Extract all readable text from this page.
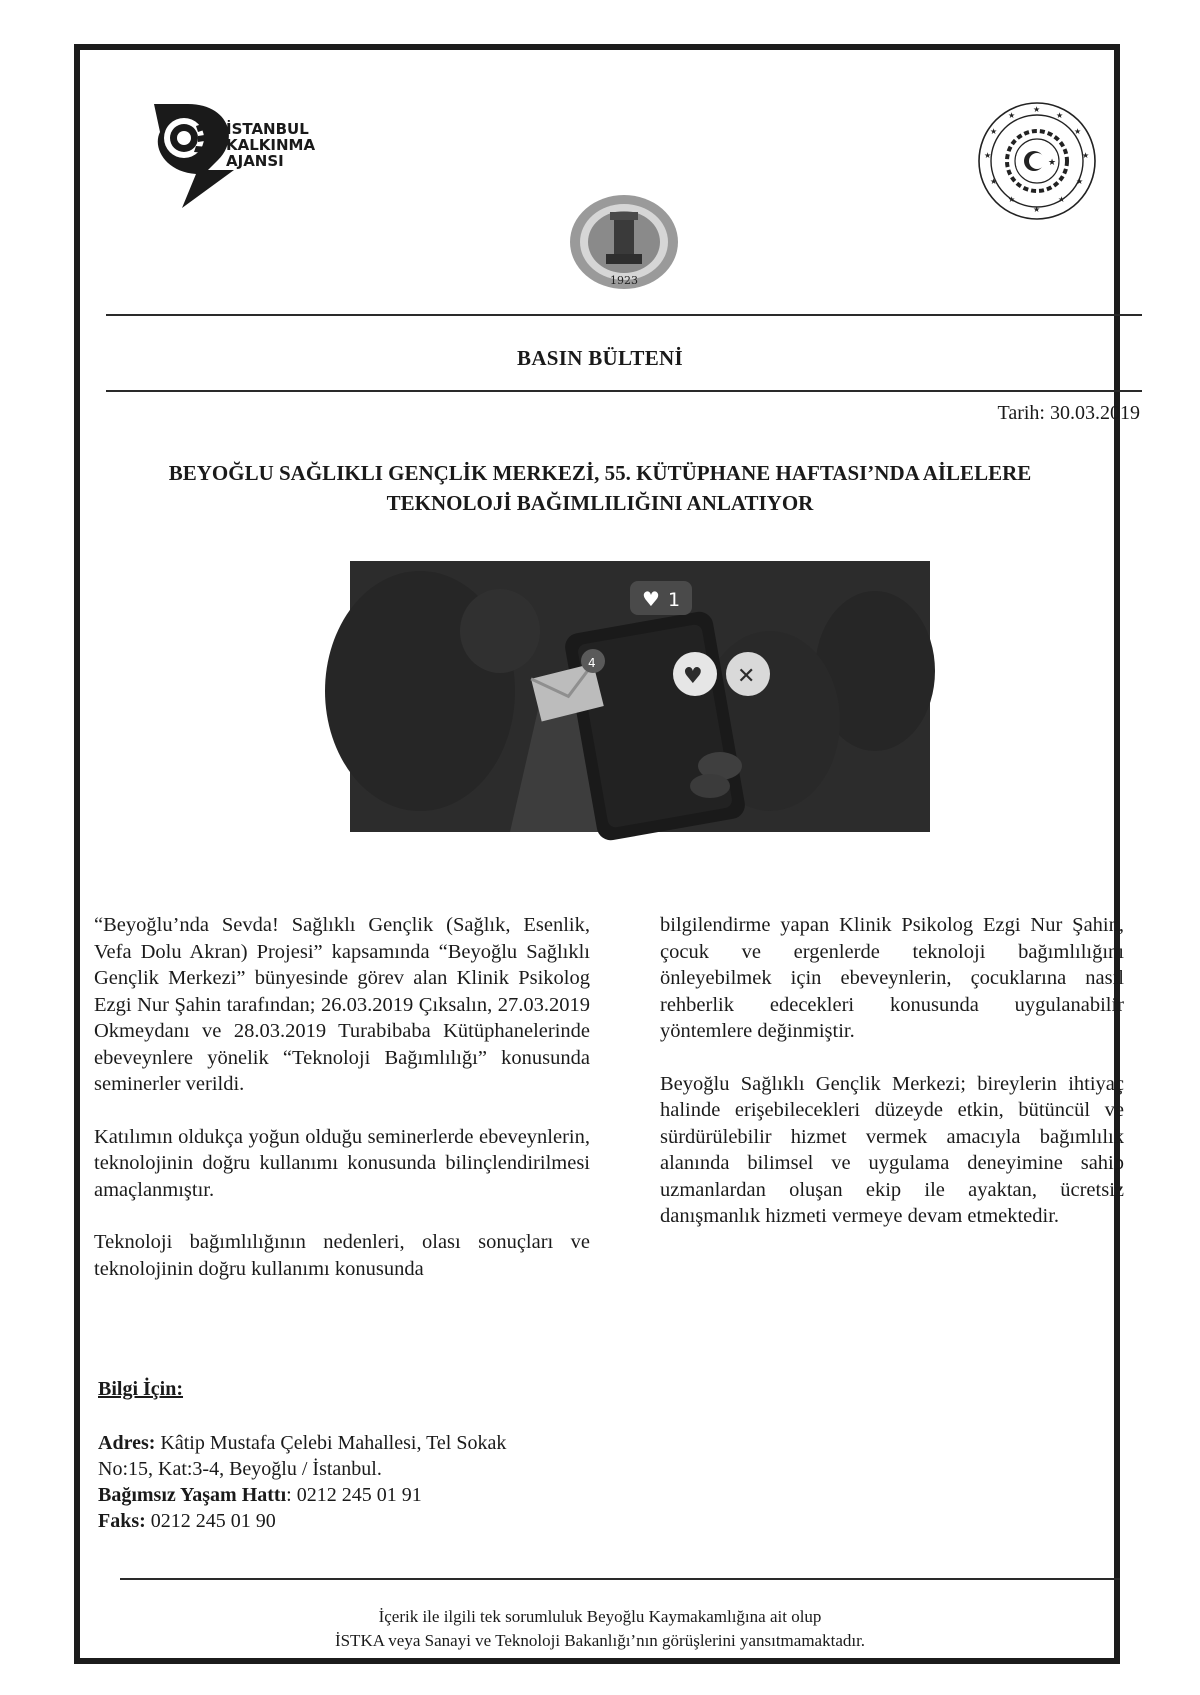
İSTANBUL
KALKINMA
AJANSI
1923
★
★
★
★
★
★
★
★
★
★
★
★
★
BASIN BÜLTENİ
Tarih: 30.03.2019
BEYOĞLU SAĞLIKLI GENÇLİK MERKEZİ, 55. KÜTÜPHANE HAFTASI’NDA AİLELERE
TEKNOLOJİ BAĞIMLILIĞINI ANLATIYOR
♥ 1
♥ ✕
4

“Beyoğlu’nda Sevda! Sağlıklı Gençlik (Sağlık, Esenlik, Vefa Dolu Akran) Projesi” kapsamında “Beyoğlu Sağlıklı Gençlik Merkezi” bünyesinde görev alan Klinik Psikolog Ezgi Nur Şahin tarafından; 26.03.2019 Çıksalın, 27.03.2019 Okmeydanı ve 28.03.2019 Turabibaba Kütüphanelerinde ebeveynlere yönelik “Teknoloji Bağımlılığı” konusunda seminerler verildi.

Katılımın oldukça yoğun olduğu seminerlerde ebeveynlerin, teknolojinin doğru kullanımı konusunda bilinçlendirilmesi amaçlanmıştır.

Teknoloji bağımlılığının nedenleri, olası sonuçları ve teknolojinin doğru kullanımı konusunda

bilgilendirme yapan Klinik Psikolog Ezgi Nur Şahin, çocuk ve ergenlerde teknoloji bağımlılığını önleyebilmek için ebeveynlerin, çocuklarına nasıl rehberlik edecekleri konusunda uygulanabilir yöntemlere değinmiştir.

Beyoğlu Sağlıklı Gençlik Merkezi; bireylerin ihtiyaç halinde erişebilecekleri düzeyde etkin, bütüncül ve sürdürülebilir hizmet vermek amacıyla bağımlılık alanında bilimsel ve uygulama deneyimine sahip uzmanlardan oluşan ekip ile ayaktan, ücretsiz danışmanlık hizmeti vermeye devam etmektedir.

Bilgi İçin:
Adres: Kâtip Mustafa Çelebi Mahallesi, Tel Sokak
No:15, Kat:3-4, Beyoğlu / İstanbul.
Bağımsız Yaşam Hattı: 0212 245 01 91
Faks: 0212 245 01 90
İçerik ile ilgili tek sorumluluk Beyoğlu Kaymakamlığına ait olup
İSTKA veya Sanayi ve Teknoloji Bakanlığı’nın görüşlerini yansıtmamaktadır.
